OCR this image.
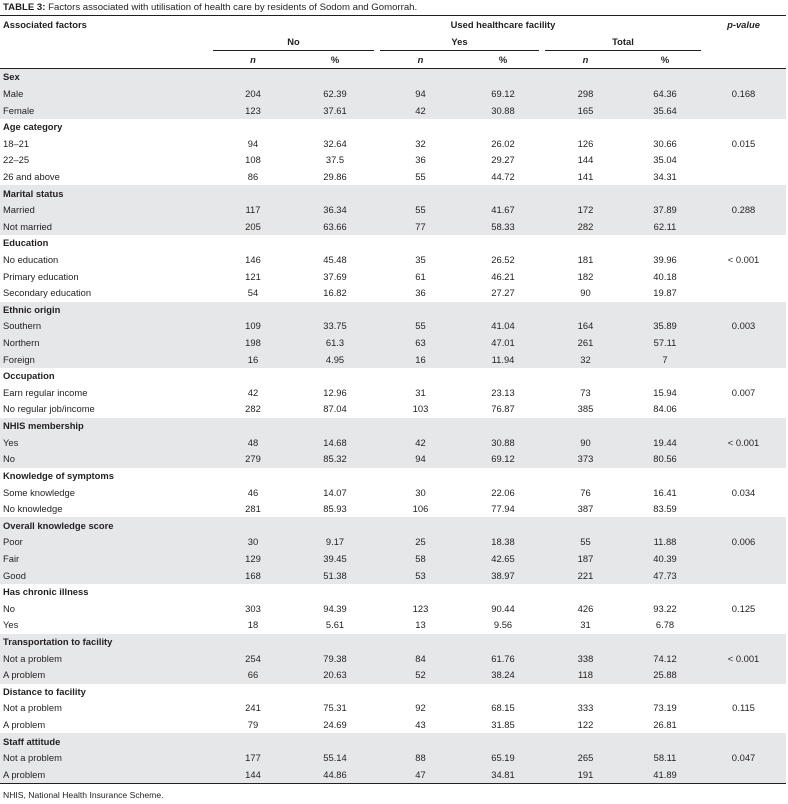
TABLE 3: Factors associated with utilisation of health care by residents of Sodom and Gomorrah.
Associated factors			Used healthcare facility				p-value
	No		Yes		Total		
	n	%	n	%	n	%	
Sex							
Male	204	62.39	94	69.12	298	64.36	0.168
Female	123	37.61	42	30.88	165	35.64	
Age category							
18–21	94	32.64	32	26.02	126	30.66	0.015
22–25	108	37.5	36	29.27	144	35.04	
26 and above	86	29.86	55	44.72	141	34.31	
Marital status							
Married	117	36.34	55	41.67	172	37.89	0.288
Not married	205	63.66	77	58.33	282	62.11	
Education							
No education	146	45.48	35	26.52	181	39.96	< 0.001
Primary education	121	37.69	61	46.21	182	40.18	
Secondary education	54	16.82	36	27.27	90	19.87	
Ethnic origin							
Southern	109	33.75	55	41.04	164	35.89	0.003
Northern	198	61.3	63	47.01	261	57.11	
Foreign	16	4.95	16	11.94	32	7	
Occupation							
Earn regular income	42	12.96	31	23.13	73	15.94	0.007
No regular job/income	282	87.04	103	76.87	385	84.06	
NHIS membership							
Yes	48	14.68	42	30.88	90	19.44	< 0.001
No	279	85.32	94	69.12	373	80.56	
Knowledge of symptoms							
Some knowledge	46	14.07	30	22.06	76	16.41	0.034
No knowledge	281	85.93	106	77.94	387	83.59	
Overall knowledge score							
Poor	30	9.17	25	18.38	55	11.88	0.006
Fair	129	39.45	58	42.65	187	40.39	
Good	168	51.38	53	38.97	221	47.73	
Has chronic illness							
No	303	94.39	123	90.44	426	93.22	0.125
Yes	18	5.61	13	9.56	31	6.78	
Transportation to facility							
Not a problem	254	79.38	84	61.76	338	74.12	< 0.001
A problem	66	20.63	52	38.24	118	25.88	
Distance to facility							
Not a problem	241	75.31	92	68.15	333	73.19	0.115
A problem	79	24.69	43	31.85	122	26.81	
Staff attitude							
Not a problem	177	55.14	88	65.19	265	58.11	0.047
A problem	144	44.86	47	34.81	191	41.89	
NHIS, National Health Insurance Scheme.
